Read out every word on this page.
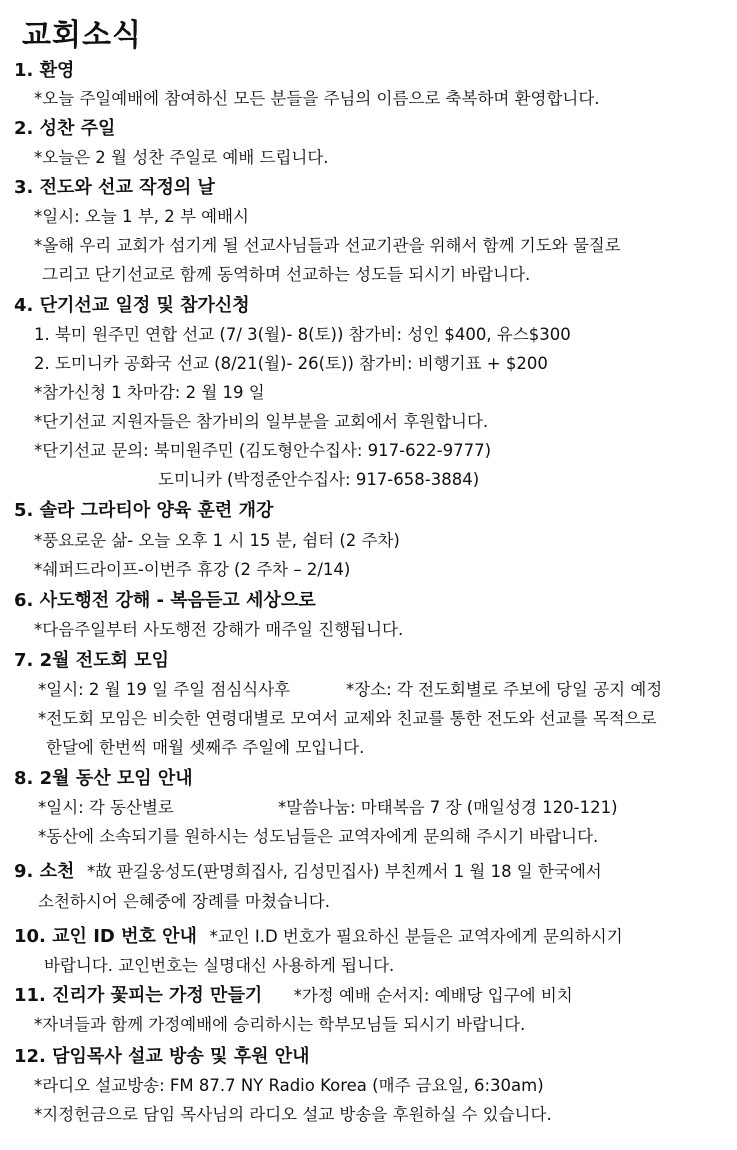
교회소식
1. 환영
*오늘 주일예배에 참여하신 모든 분들을 주님의 이름으로 축복하며 환영합니다.
2. 성찬 주일
*오늘은 2 월 성찬 주일로 예배 드립니다.
3. 전도와 선교 작정의 날
*일시: 오늘 1 부, 2 부 예배시
*올해 우리 교회가 섬기게 될 선교사님들과 선교기관을 위해서 함께 기도와 물질로
그리고 단기선교로 함께 동역하며 선교하는 성도들 되시기 바랍니다.
4. 단기선교 일정 및 참가신청
1. 북미 원주민 연합 선교 (7/ 3(월)- 8(토)) 참가비: 성인 $400, 유스$300
2. 도미니카 공화국 선교 (8/21(월)- 26(토)) 참가비: 비행기표 + $200
*참가신청 1 차마감: 2 월 19 일
*단기선교 지원자들은 참가비의 일부분을 교회에서 후원합니다.
*단기선교 문의: 북미원주민 (김도형안수집사: 917-622-9777)
도미니카 (박정준안수집사: 917-658-3884)
5. 솔라 그라티아 양육 훈련 개강
*풍요로운 삶- 오늘 오후 1 시 15 분, 쉼터 (2 주차)
*쉐퍼드라이프-이번주 휴강 (2 주차 – 2/14)
6. 사도행전 강해 - 복음듣고 세상으로
*다음주일부터 사도행전 강해가 매주일 진행됩니다.
7. 2월 전도회 모임
*일시: 2 월 19 일 주일 점심식사후	*장소: 각 전도회별로 주보에 당일 공지 예정
*전도회 모임은 비슷한 연령대별로 모여서 교제와 친교를 통한 전도와 선교를 목적으로
한달에 한번씩 매월 셋째주 주일에 모입니다.
8. 2월 동산 모임 안내
*일시: 각 동산별로	*말씀나눔: 마태복음 7 장 (매일성경 120-121)
*동산에 소속되기를 원하시는 성도님들은 교역자에게 문의해 주시기 바랍니다.
9. 소천 *故 판길웅성도(판명희집사, 김성민집사) 부친께서 1 월 18 일 한국에서
소천하시어 은혜중에 장례를 마쳤습니다.
10. 교인 ID 번호 안내 *교인 I.D 번호가 필요하신 분들은 교역자에게 문의하시기
바랍니다. 교인번호는 실명대신 사용하게 됩니다.
11. 진리가 꽃피는 가정 만들기 *가정 예배 순서지: 예배당 입구에 비치
*자녀들과 함께 가정예배에 승리하시는 학부모님들 되시기 바랍니다.
12. 담임목사 설교 방송 및 후원 안내
*라디오 설교방송: FM 87.7 NY Radio Korea (매주 금요일, 6:30am)
*지정헌금으로 담임 목사님의 라디오 설교 방송을 후원하실 수 있습니다.
